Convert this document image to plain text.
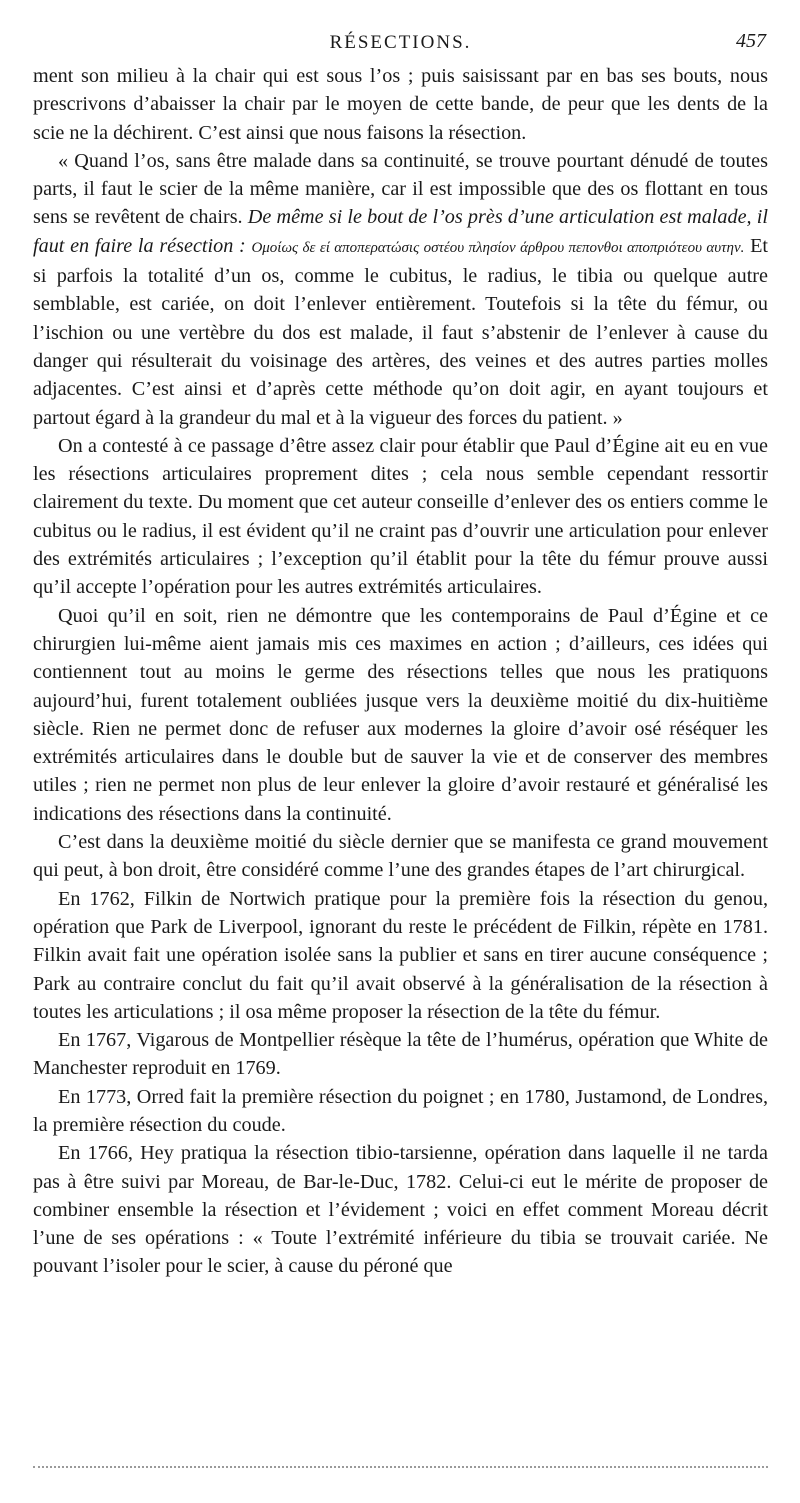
RÉSECTIONS.	457

ment son milieu à la chair qui est sous l’os ; puis saisissant par en bas ses bouts, nous prescrivons d’abaisser la chair par le moyen de cette bande, de peur que les dents de la scie ne la déchirent. C’est ainsi que nous faisons la résection.

« Quand l’os, sans être malade dans sa continuité, se trouve pourtant dénudé de toutes parts, il faut le scier de la même manière, car il est impossible que des os flottant en tous sens se revêtent de chairs. De même si le bout de l’os près d’une articulation est malade, il faut en faire la résection : Ομοίως δε εί αποπερατώσις οστέου πλησίον άρθρου πεπονθοι αποπριότεου αυτην. Et si parfois la totalité d’un os, comme le cubitus, le radius, le tibia ou quelque autre semblable, est cariée, on doit l’enlever entièrement. Toutefois si la tête du fémur, ou l’ischion ou une vertèbre du dos est malade, il faut s’abstenir de l’enlever à cause du danger qui résulterait du voisinage des artères, des veines et des autres parties molles adjacentes. C’est ainsi et d’après cette méthode qu’on doit agir, en ayant toujours et partout égard à la grandeur du mal et à la vigueur des forces du patient. »

On a contesté à ce passage d’être assez clair pour établir que Paul d’Égine ait eu en vue les résections articulaires proprement dites ; cela nous semble cependant ressortir clairement du texte. Du moment que cet auteur conseille d’enlever des os entiers comme le cubitus ou le radius, il est évident qu’il ne craint pas d’ouvrir une articulation pour enlever des extrémités articulaires ; l’exception qu’il établit pour la tête du fémur prouve aussi qu’il accepte l’opération pour les autres extrémités articulaires.

Quoi qu’il en soit, rien ne démontre que les contemporains de Paul d’Égine et ce chirurgien lui-même aient jamais mis ces maximes en action ; d’ailleurs, ces idées qui contiennent tout au moins le germe des résections telles que nous les pratiquons aujourd’hui, furent totalement oubliées jusque vers la deuxième moitié du dix-huitième siècle. Rien ne permet donc de refuser aux modernes la gloire d’avoir osé réséquer les extrémités articulaires dans le double but de sauver la vie et de conserver des membres utiles ; rien ne permet non plus de leur enlever la gloire d’avoir restauré et généralisé les indications des résections dans la continuité.

C’est dans la deuxième moitié du siècle dernier que se manifesta ce grand mouvement qui peut, à bon droit, être considéré comme l’une des grandes étapes de l’art chirurgical.

En 1762, Filkin de Nortwich pratique pour la première fois la résection du genou, opération que Park de Liverpool, ignorant du reste le précédent de Filkin, répète en 1781. Filkin avait fait une opération isolée sans la publier et sans en tirer aucune conséquence ; Park au contraire conclut du fait qu’il avait observé à la généralisation de la résection à toutes les articulations ; il osa même proposer la résection de la tête du fémur.

En 1767, Vigarous de Montpellier résèque la tête de l’humérus, opération que White de Manchester reproduit en 1769.

En 1773, Orred fait la première résection du poignet ; en 1780, Justamond, de Londres, la première résection du coude.

En 1766, Hey pratiqua la résection tibio-tarsienne, opération dans laquelle il ne tarda pas à être suivi par Moreau, de Bar-le-Duc, 1782. Celui-ci eut le mérite de proposer de combiner ensemble la résection et l’évidement ; voici en effet comment Moreau décrit l’une de ses opérations : « Toute l’extrémité inférieure du tibia se trouvait cariée. Ne pouvant l’isoler pour le scier, à cause du péroné que
